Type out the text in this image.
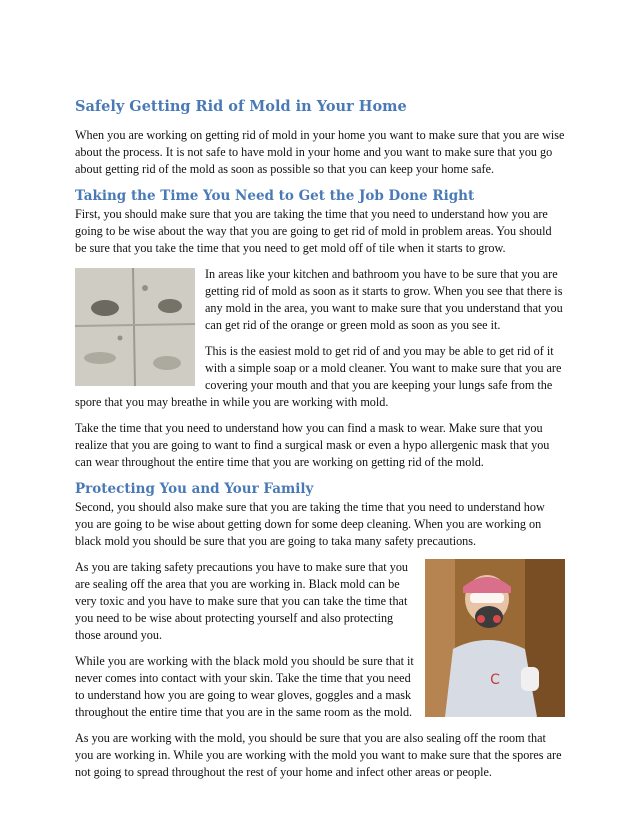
Safely Getting Rid of Mold in Your Home

When you are working on getting rid of mold in your home you want to make sure that you are wise about the process. It is not safe to have mold in your home and you want to make sure that you go about getting rid of the mold as soon as possible so that you can keep your home safe.

Taking the Time You Need to Get the Job Done Right

First, you should make sure that you are taking the time that you need to understand how you are going to be wise about the way that you are going to get rid of mold in problem areas. You should be sure that you take the time that you need to get mold off of tile when it starts to grow.

In areas like your kitchen and bathroom you have to be sure that you are getting rid of mold as soon as it starts to grow. When you see that there is any mold in the area, you want to make sure that you understand that you can get rid of the orange or green mold as soon as you see it.

This is the easiest mold to get rid of and you may be able to get rid of it with a simple soap or a mold cleaner. You want to make sure that you are covering your mouth and that you are keeping your lungs safe from the spore that you may breathe in while you are working with mold.

Take the time that you need to understand how you can find a mask to wear. Make sure that you realize that you are going to want to find a surgical mask or even a hypo allergenic mask that you can wear throughout the entire time that you are working on getting rid of the mold.

Protecting You and Your Family

Second, you should also make sure that you are taking the time that you need to understand how you are going to be wise about getting down for some deep cleaning. When you are working on black mold you should be sure that you are going to taka many safety precautions.

C

As you are taking safety precautions you have to make sure that you are sealing off the area that you are working in. Black mold can be very toxic and you have to make sure that you can take the time that you need to be wise about protecting yourself and also protecting those around you.

While you are working with the black mold you should be sure that it never comes into contact with your skin. Take the time that you need to understand how you are going to wear gloves, goggles and a mask throughout the entire time that you are in the same room as the mold.

As you are working with the mold, you should be sure that you are also sealing off the room that you are working in. While you are working with the mold you want to make sure that the spores are not going to spread throughout the rest of your home and infect other areas or people.
